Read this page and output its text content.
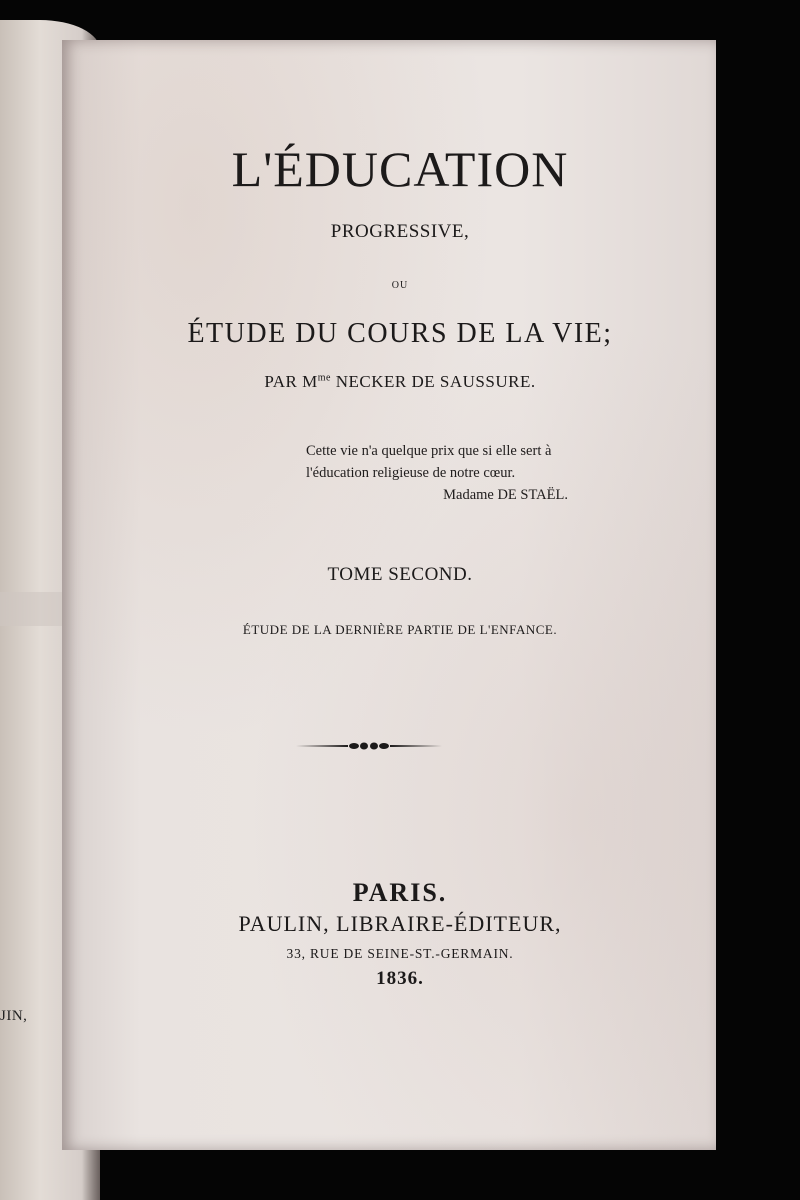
JIN,
L'ÉDUCATION
PROGRESSIVE,
OU
ÉTUDE DU COURS DE LA VIE;
PAR $M^{me}$ NECKER DE SAUSSURE.
Cette vie n'a quelque prix que si elle sert à
l'éducation religieuse de notre cœur.
Madame DE STAËL.
TOME SECOND.
ÉTUDE DE LA DERNIÈRE PARTIE DE L'ENFANCE.
PARIS.
PAULIN, LIBRAIRE-ÉDITEUR,
33, RUE DE SEINE-ST.-GERMAIN.
1836.
